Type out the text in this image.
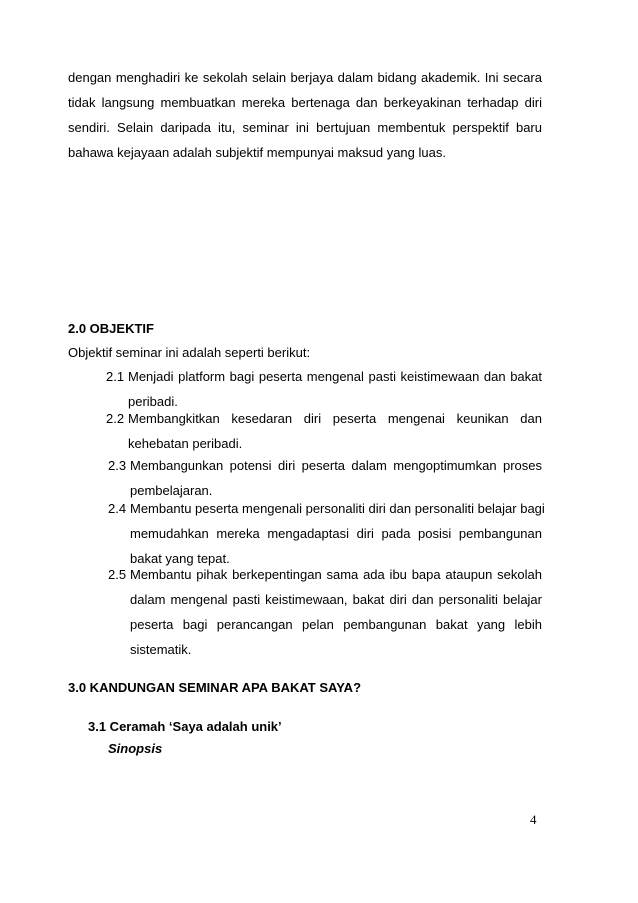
dengan menghadiri ke sekolah selain berjaya dalam bidang akademik. Ini secara
tidak langsung membuatkan mereka bertenaga dan berkeyakinan terhadap diri
sendiri. Selain daripada itu, seminar ini bertujuan membentuk perspektif baru
bahawa kejayaan adalah subjektif mempunyai maksud yang luas.
2.0 OBJEKTIF
Objektif seminar ini adalah seperti berikut:
2.1 Menjadi platform bagi peserta mengenal pasti keistimewaan dan bakat
peribadi.
2.2 Membangkitkan kesedaran diri peserta mengenai keunikan dan
kehebatan peribadi.
2.3 Membangunkan potensi diri peserta dalam mengoptimumkan proses
pembelajaran.
2.4 Membantu peserta mengenali personaliti diri dan personaliti belajar bagi
memudahkan mereka mengadaptasi diri pada posisi pembangunan
bakat yang tepat.
2.5 Membantu pihak berkepentingan sama ada ibu bapa ataupun sekolah
dalam mengenal pasti keistimewaan, bakat diri dan personaliti belajar
peserta bagi perancangan pelan pembangunan bakat yang lebih
sistematik.
3.0 KANDUNGAN SEMINAR APA BAKAT SAYA?
3.1 Ceramah ‘Saya adalah unik’
Sinopsis
4
